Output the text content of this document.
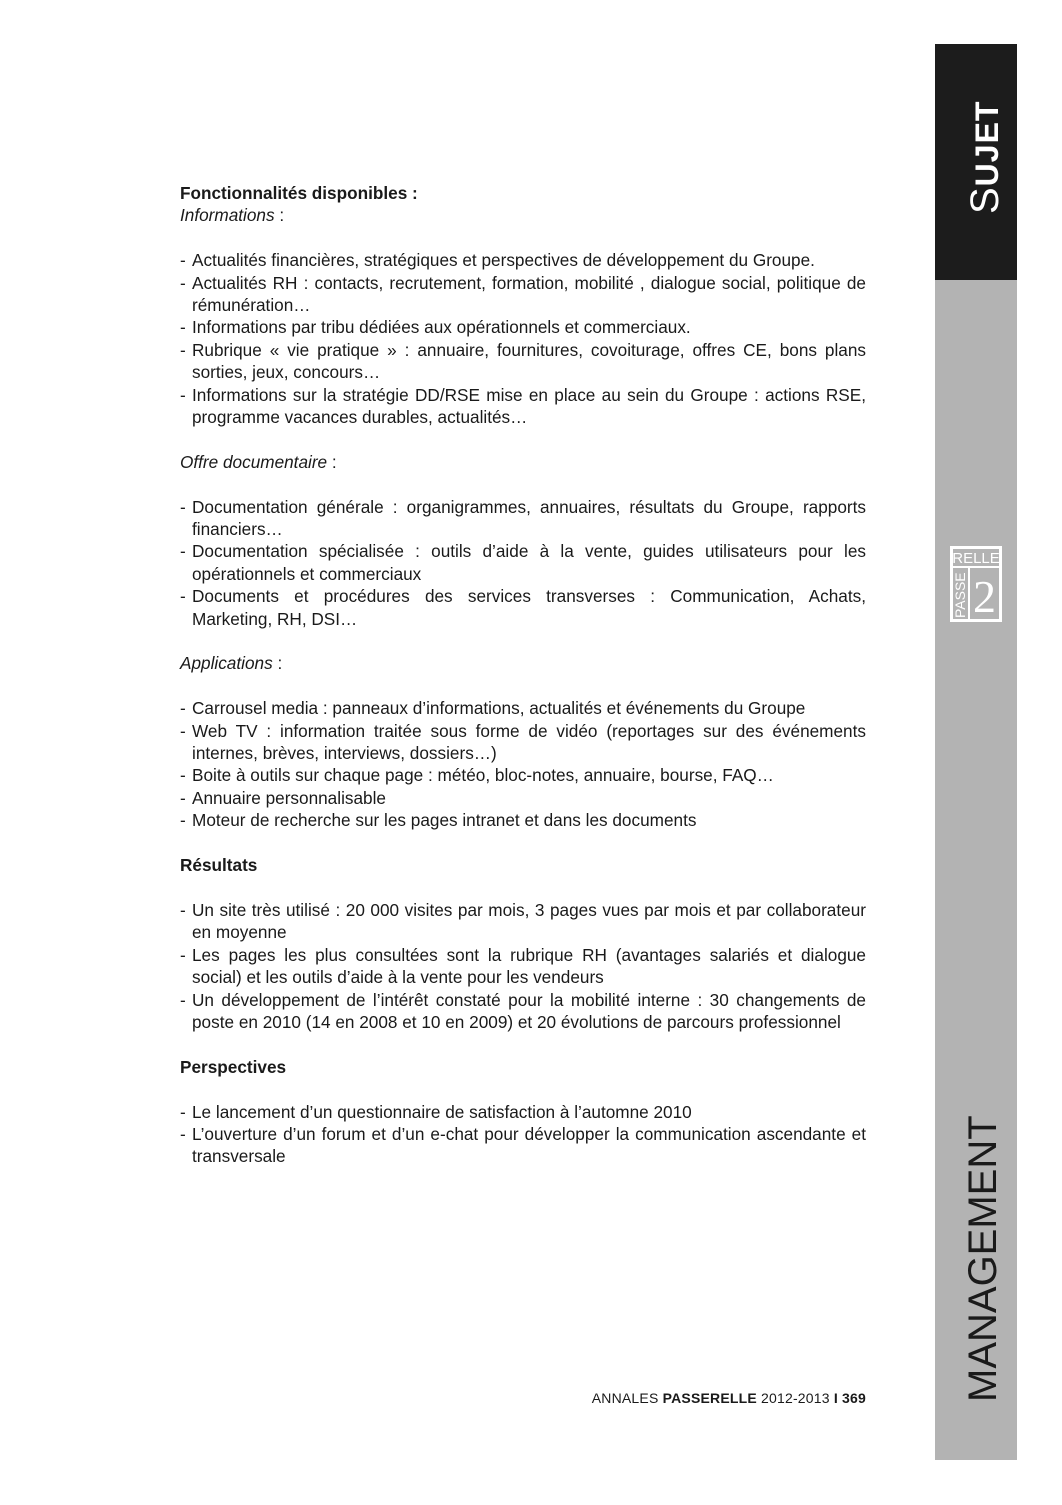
SUJET
RELLE
PASSE 2
MANAGEMENT

Fonctionnalités disponibles :

Informations :

- Actualités financières, stratégiques et perspectives de développement du Groupe.
- Actualités RH : contacts, recrutement, formation, mobilité , dialogue social, politique de rémunération…
- Informations par tribu dédiées aux opérationnels et commerciaux.
- Rubrique « vie pratique » : annuaire, fournitures, covoiturage, offres CE, bons plans sorties, jeux, concours…
- Informations sur la stratégie DD/RSE mise en place au sein du Groupe : actions RSE, programme vacances durables, actualités…

Offre documentaire :

- Documentation générale : organigrammes, annuaires, résultats du Groupe, rapports financiers…
- Documentation spécialisée : outils d’aide à la vente, guides utilisateurs pour les opérationnels et commerciaux
- Documents et procédures des services transverses : Communication, Achats, Marketing, RH, DSI…

Applications :

- Carrousel media : panneaux d’informations, actualités et événements du Groupe
- Web TV : information traitée sous forme de vidéo (reportages sur des événements internes, brèves, interviews, dossiers…)
- Boite à outils sur chaque page : météo, bloc-notes, annuaire, bourse, FAQ…
- Annuaire personnalisable
- Moteur de recherche sur les pages intranet et dans les documents

Résultats

- Un site très utilisé : 20 000 visites par mois, 3 pages vues par mois et par collaborateur en moyenne
- Les pages les plus consultées sont la rubrique RH (avantages salariés et dialogue social) et les outils d’aide à la vente pour les vendeurs
- Un développement de l’intérêt constaté pour la mobilité interne : 30 changements de poste en 2010 (14 en 2008 et 10 en 2009) et 20 évolutions de parcours professionnel

Perspectives

- Le lancement d’un questionnaire de satisfaction à l’automne 2010
- L’ouverture d’un forum et d’un e-chat pour développer la communication ascendante et transversale
ANNALES PASSERELLE 2012-2013 I 369
